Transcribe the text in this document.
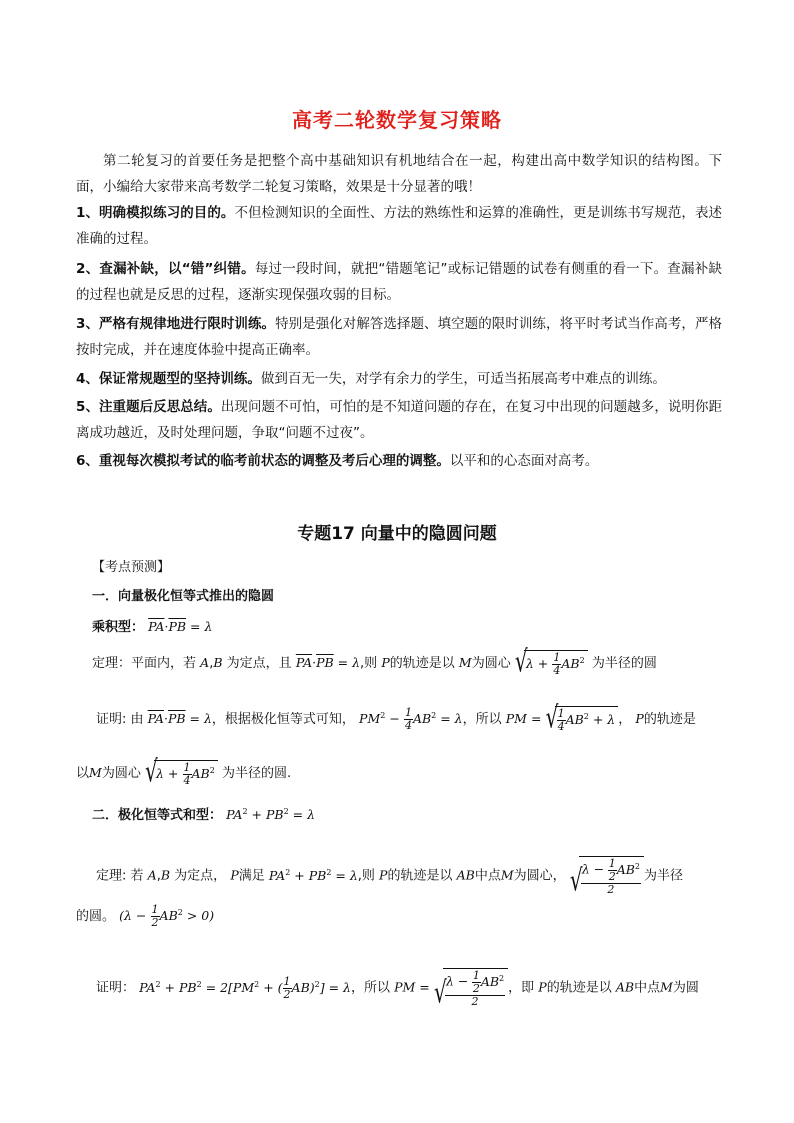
高考二轮数学复习策略
第二轮复习的首要任务是把整个高中基础知识有机地结合在一起，构建出高中数学知识的结构图。下面，小编给大家带来高考数学二轮复习策略，效果是十分显著的哦！
1、明确模拟练习的目的。不但检测知识的全面性、方法的熟练性和运算的准确性，更是训练书写规范，表述准确的过程。
2、查漏补缺，以“错”纠错。每过一段时间，就把“错题笔记”或标记错题的试卷有侧重的看一下。查漏补缺的过程也就是反思的过程，逐渐实现保强攻弱的目标。
3、严格有规律地进行限时训练。特别是强化对解答选择题、填空题的限时训练，将平时考试当作高考，严格按时完成，并在速度体验中提高正确率。
4、保证常规题型的坚持训练。做到百无一失，对学有余力的学生，可适当拓展高考中难点的训练。
5、注重题后反思总结。出现问题不可怕，可怕的是不知道问题的存在，在复习中出现的问题越多，说明你距离成功越近，及时处理问题，争取“问题不过夜”。
6、重视每次模拟考试的临考前状态的调整及考后心理的调整。以平和的心态面对高考。
专题17 向量中的隐圆问题
【考点预测】
一．向量极化恒等式推出的隐圆
乘积型： $\overline{PA}\cdot\overline{PB} = \lambda$
定理：平面内，若 A,B 为定点，且 $\overline{PA}\cdot\overline{PB} = \lambda$,则 P的轨迹是以 M为圆心 √ $\lambda + \frac{1}{4} AB^2$ 为半径的圆
证明: 由 $\overline{PA}\cdot\overline{PB} = \lambda$，根据极化恒等式可知， $PM^2 - \frac{1}{4} AB^2 = \lambda$，所以 PM = √ $\frac{1}{4} AB^2 + \lambda$ ， P的轨迹是
以M为圆心 √ $\lambda + \frac{1}{4} AB^2$ 为半径的圆.
二．极化恒等式和型： $PA^2 + PB^2 = \lambda$
定理: 若 A,B 为定点， P满足 $PA^2 + PB^2 = \lambda$,则 P的轨迹是以 AB中点M为圆心， √ $\frac{\lambda - \frac{1}{2} AB^2}{2}$ 为半径
的圆。 $(\lambda - \frac{1}{2} AB^2 > 0)$
证明： $PA^2 + PB^2 = 2[PM^2$ + ( $\frac{1}{2} AB)^2] = \lambda$，所以 PM = √ $\frac{\lambda - \frac{1}{2} AB^2}{2}$ ，即 P的轨迹是以 AB中点M为圆
